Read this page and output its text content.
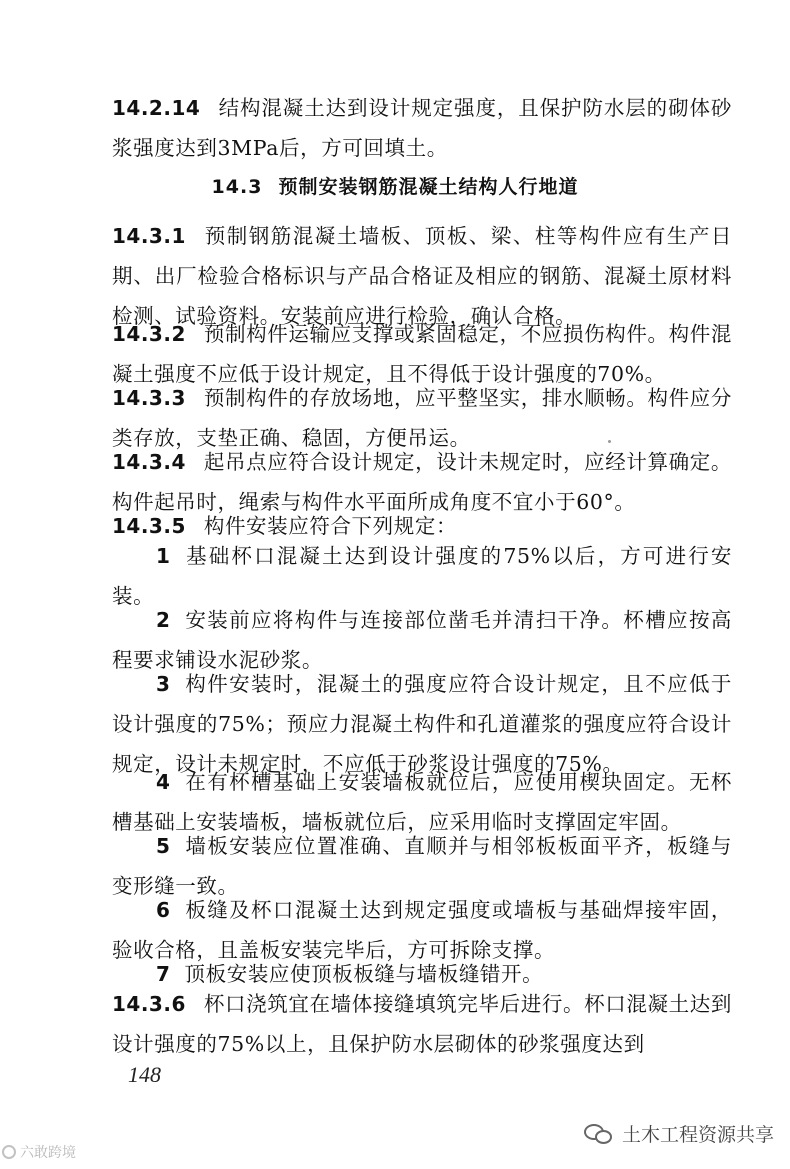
14.2.14 结构混凝土达到设计规定强度，且保护防水层的砌体砂浆强度达到3MPa后，方可回填土。
14.3 预制安装钢筋混凝土结构人行地道
14.3.1 预制钢筋混凝土墙板、顶板、梁、柱等构件应有生产日期、出厂检验合格标识与产品合格证及相应的钢筋、混凝土原材料检测、试验资料。安装前应进行检验，确认合格。
14.3.2 预制构件运输应支撑或紧固稳定，不应损伤构件。构件混凝土强度不应低于设计规定，且不得低于设计强度的70%。
14.3.3 预制构件的存放场地，应平整坚实，排水顺畅。构件应分类存放，支垫正确、稳固，方便吊运。
14.3.4 起吊点应符合设计规定，设计未规定时，应经计算确定。构件起吊时，绳索与构件水平面所成角度不宜小于60°。
14.3.5 构件安装应符合下列规定：
1 基础杯口混凝土达到设计强度的75%以后，方可进行安装。
2 安装前应将构件与连接部位凿毛并清扫干净。杯槽应按高程要求铺设水泥砂浆。
3 构件安装时，混凝土的强度应符合设计规定，且不应低于设计强度的75%；预应力混凝土构件和孔道灌浆的强度应符合设计规定，设计未规定时，不应低于砂浆设计强度的75%。
4 在有杯槽基础上安装墙板就位后，应使用楔块固定。无杯槽基础上安装墙板，墙板就位后，应采用临时支撑固定牢固。
5 墙板安装应位置准确、直顺并与相邻板板面平齐，板缝与变形缝一致。
6 板缝及杯口混凝土达到规定强度或墙板与基础焊接牢固，验收合格，且盖板安装完毕后，方可拆除支撑。
7 顶板安装应使顶板板缝与墙板缝错开。
14.3.6 杯口浇筑宜在墙体接缝填筑完毕后进行。杯口混凝土达到设计强度的75%以上，且保护防水层砌体的砂浆强度达到
148
土木工程资源共享
六敢跨境
